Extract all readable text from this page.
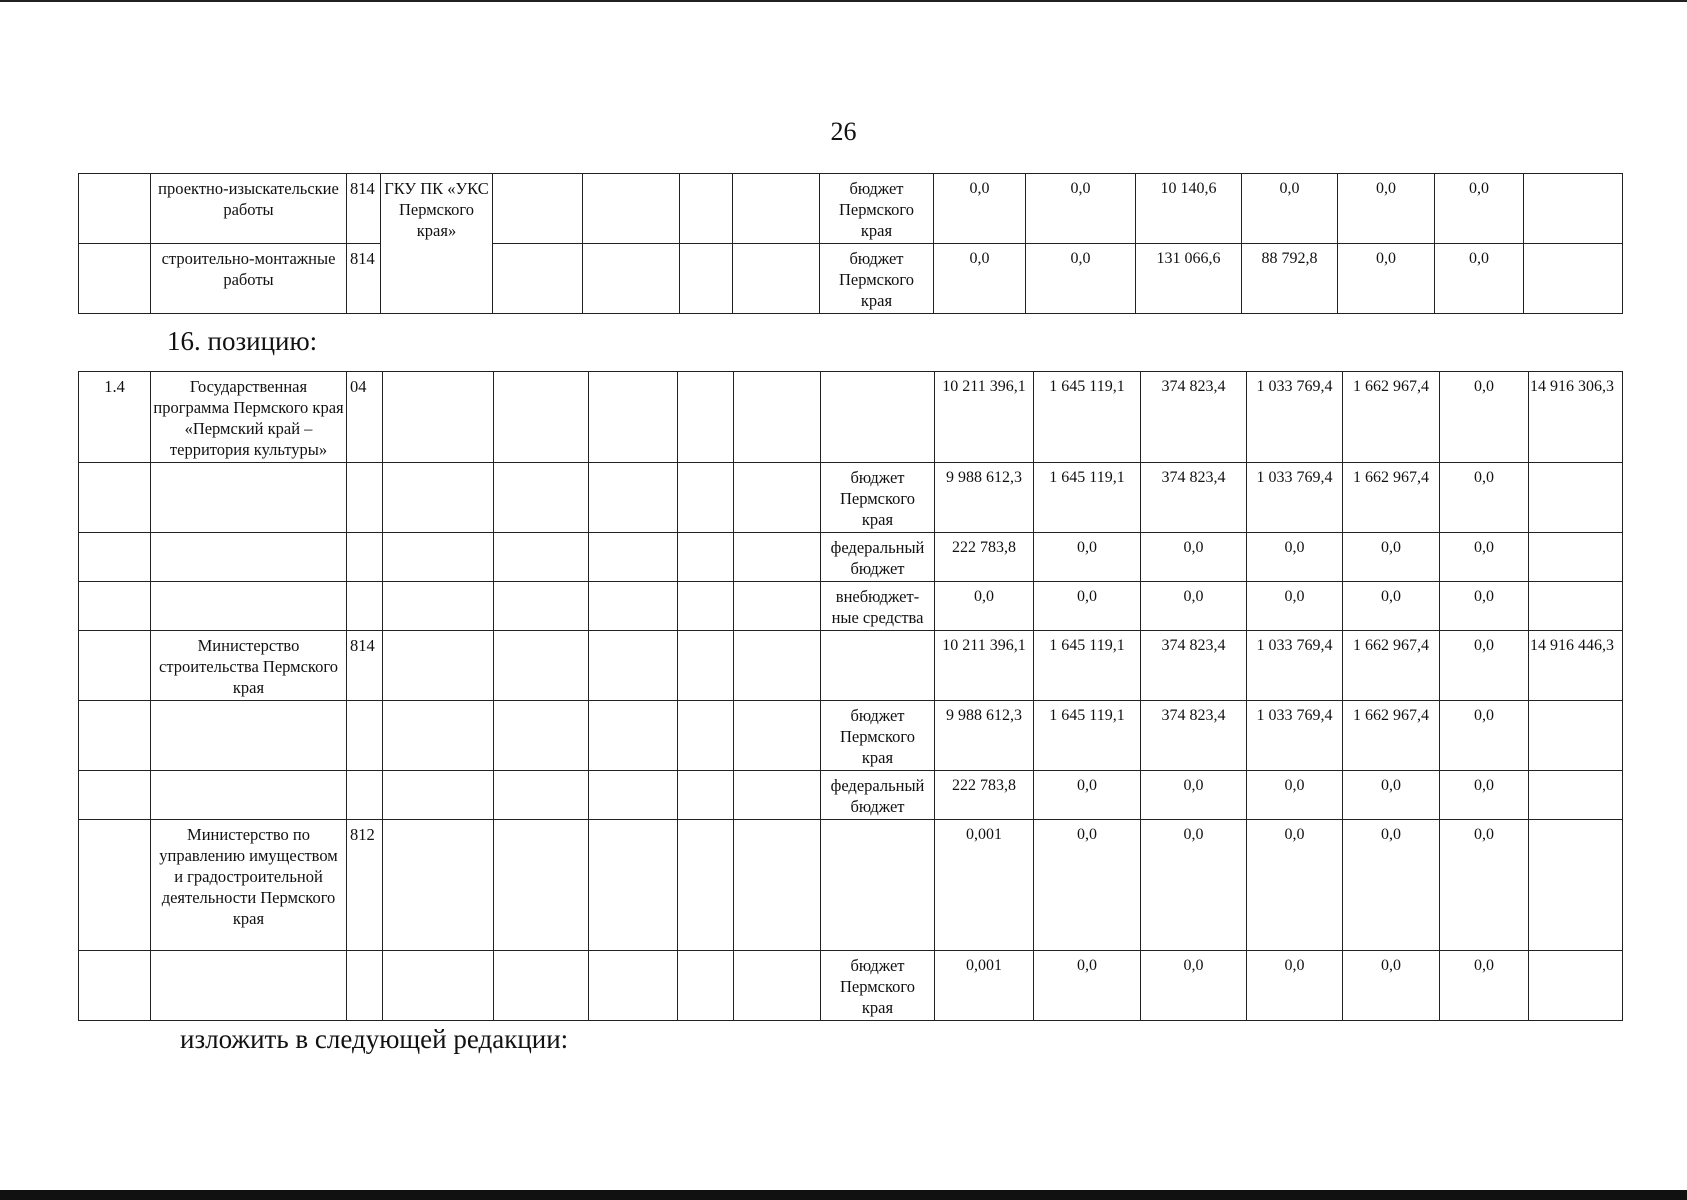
26
	проектно-изыскательские работы	814	ГКУ ПК «УКС Пермского края»					бюджет Пермского края	0,0	0,0	10 140,6	0,0	0,0	0,0	
	строительно-монтажные работы	814						бюджет Пермского края	0,0	0,0	131 066,6	88 792,8	0,0	0,0	
16. позицию:
1.4	Государственная программа Пермского края «Пермский край – территория культуры»	04							10 211 396,1	1 645 119,1	374 823,4	1 033 769,4	1 662 967,4	0,0	14 916 306,3
								бюджет Пермского края	9 988 612,3	1 645 119,1	374 823,4	1 033 769,4	1 662 967,4	0,0	
								федеральный бюджет	222 783,8	0,0	0,0	0,0	0,0	0,0	
								внебюджет-ные средства	0,0	0,0	0,0	0,0	0,0	0,0	
	Министерство строительства Пермского края	814							10 211 396,1	1 645 119,1	374 823,4	1 033 769,4	1 662 967,4	0,0	14 916 446,3
								бюджет Пермского края	9 988 612,3	1 645 119,1	374 823,4	1 033 769,4	1 662 967,4	0,0	
								федеральный бюджет	222 783,8	0,0	0,0	0,0	0,0	0,0	
	Министерство по управлению имуществом и градостроительной деятельности Пермского края	812							0,001	0,0	0,0	0,0	0,0	0,0	
								бюджет Пермского края	0,001	0,0	0,0	0,0	0,0	0,0	
изложить в следующей редакции:
